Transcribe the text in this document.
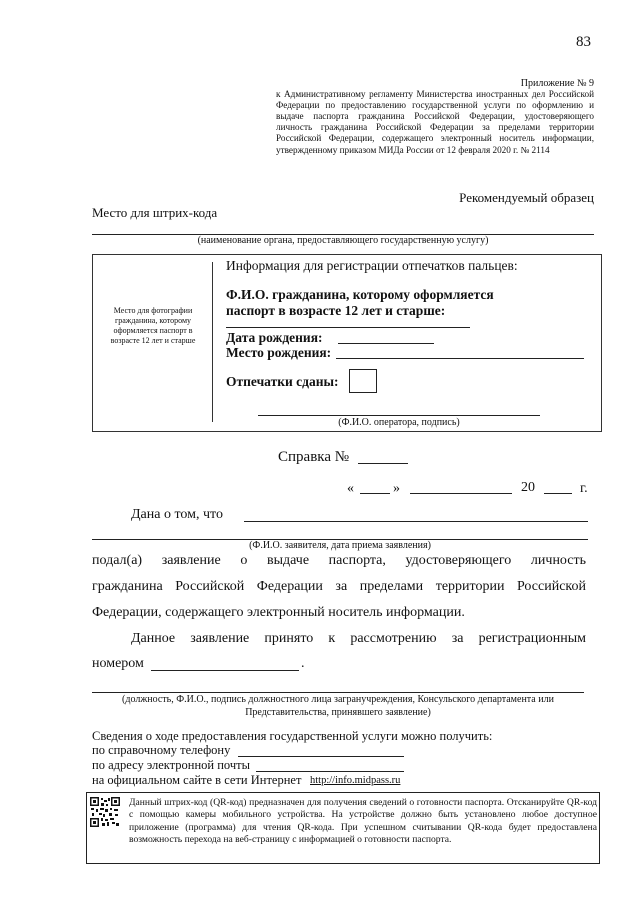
83
Приложение № 9
к Административному регламенту Министерства иностранных дел Российской Федерации по предоставлению государственной услуги по оформлению и выдаче паспорта гражданина Российской Федерации, удостоверяющего личность гражданина Российской Федерации за пределами территории Российской Федерации, содержащего электронный носитель информации, утвержденному приказом МИДа России от 12 февраля 2020 г. № 2114
Рекомендуемый образец
Место для штрих-кода
(наименование органа, предоставляющего государственную услугу)
Место для фотографии гражданина, которому оформляется паспорт в возрасте 12 лет и старше
Информация для регистрации отпечатков пальцев:
Ф.И.О. гражданина, которому оформляется паспорт в возрасте 12 лет и старше:
Дата рождения:
Место рождения:
Отпечатки сданы:
(Ф.И.О. оператора, подпись)
Справка №
«	»	20	г.
Дана о том, что
(Ф.И.О. заявителя, дата приема заявления)
подал(а) заявление о выдаче паспорта, удостоверяющего личность
гражданина Российской Федерации за пределами территории Российской
Федерации, содержащего электронный носитель информации.
Данное заявление принято к рассмотрению за регистрационным
номером	.
(должность, Ф.И.О., подпись должностного лица загранучреждения, Консульского департамента или
Представительства, принявшего заявление)
Сведения о ходе предоставления государственной услуги можно получить:
по справочному телефону
по адресу электронной почты
на официальном сайте в сети Интернет http://info.midpass.ru
Данный штрих-код (QR-код) предназначен для получения сведений о готовности паспорта. Отсканируйте QR-код с помощью камеры мобильного устройства. На устройстве должно быть установлено любое доступное приложение (программа) для чтения QR-кода. При успешном считывании QR-кода будет предоставлена возможность перехода на веб-страницу с информацией о готовности паспорта.
